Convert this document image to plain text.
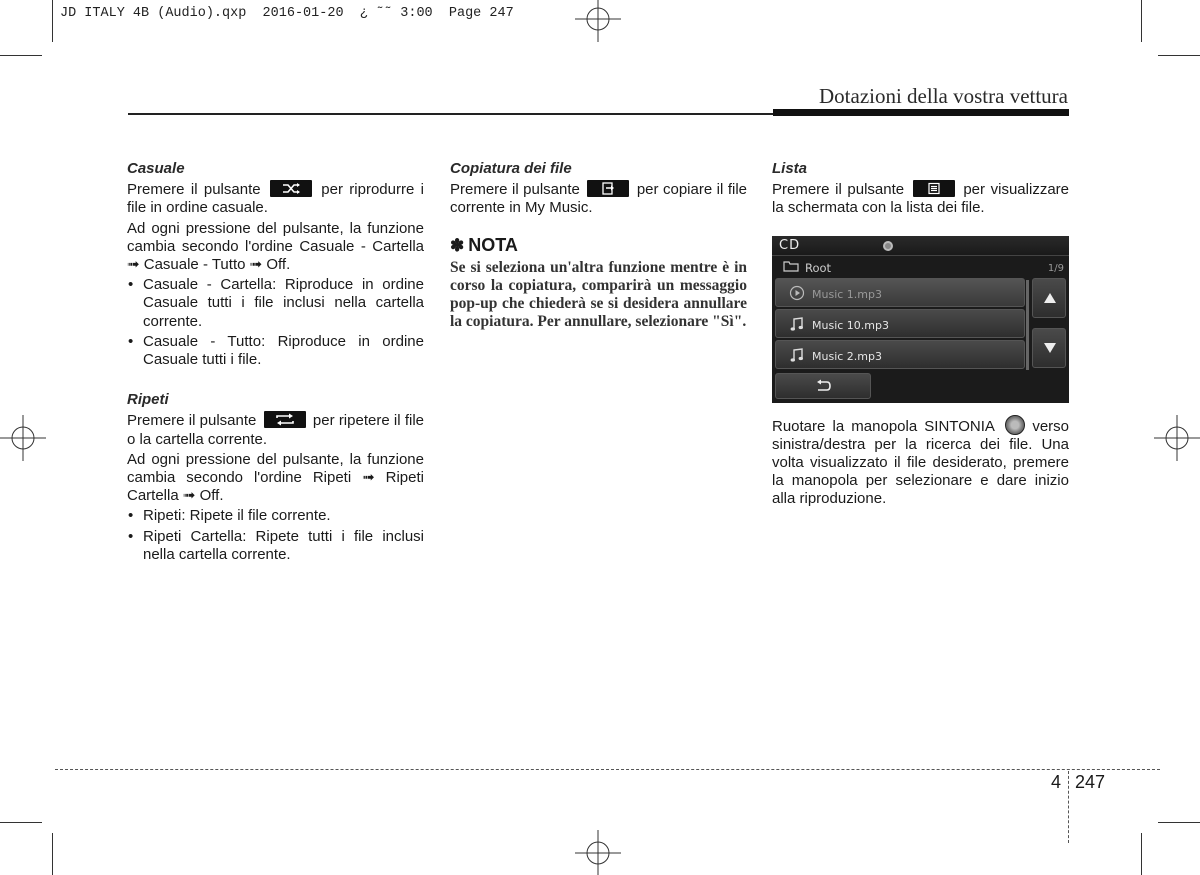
JD ITALY 4B (Audio).qxp  2016-01-20  ¿ ˜˜ 3:00  Page 247
Dotazioni della vostra vettura
Casuale
Premere il pulsante	per riprodurre i file in ordine casuale.
Ad ogni pressione del pulsante, la funzione cambia secondo l'ordine Casuale - Cartella ➟ Casuale - Tutto ➟ Off.
• Casuale - Cartella: Riproduce in ordine Casuale tutti i file inclusi nella cartella corrente.
• Casuale - Tutto: Riproduce in ordine Casuale tutti i file.
Ripeti
Premere il pulsante	per ripetere il file o la cartella corrente.
Ad ogni pressione del pulsante, la funzione cambia secondo l'ordine Ripeti ➟ Ripeti Cartella ➟ Off.
• Ripeti: Ripete il file corrente.
• Ripeti Cartella: Ripete tutti i file inclusi nella cartella corrente.
Copiatura dei file
Premere il pulsante	per copiare il file corrente in My Music.
✽ NOTA
Se si seleziona un'altra funzione mentre è in corso la copiatura, comparirà un messaggio pop-up che chiederà se si desidera annullare la copiatura. Per annullare, selezionare "Sì".
Lista
Premere il pulsante	per visualizzare la schermata con la lista dei file.
CD
Root	1/9
Music 1.mp3
Music 10.mp3
Music 2.mp3
Ruotare la manopola SINTONIA	verso sinistra/destra per la ricerca dei file. Una volta visualizzato il file desiderato, premere la manopola per selezionare e dare inizio alla riproduzione.
4 247
